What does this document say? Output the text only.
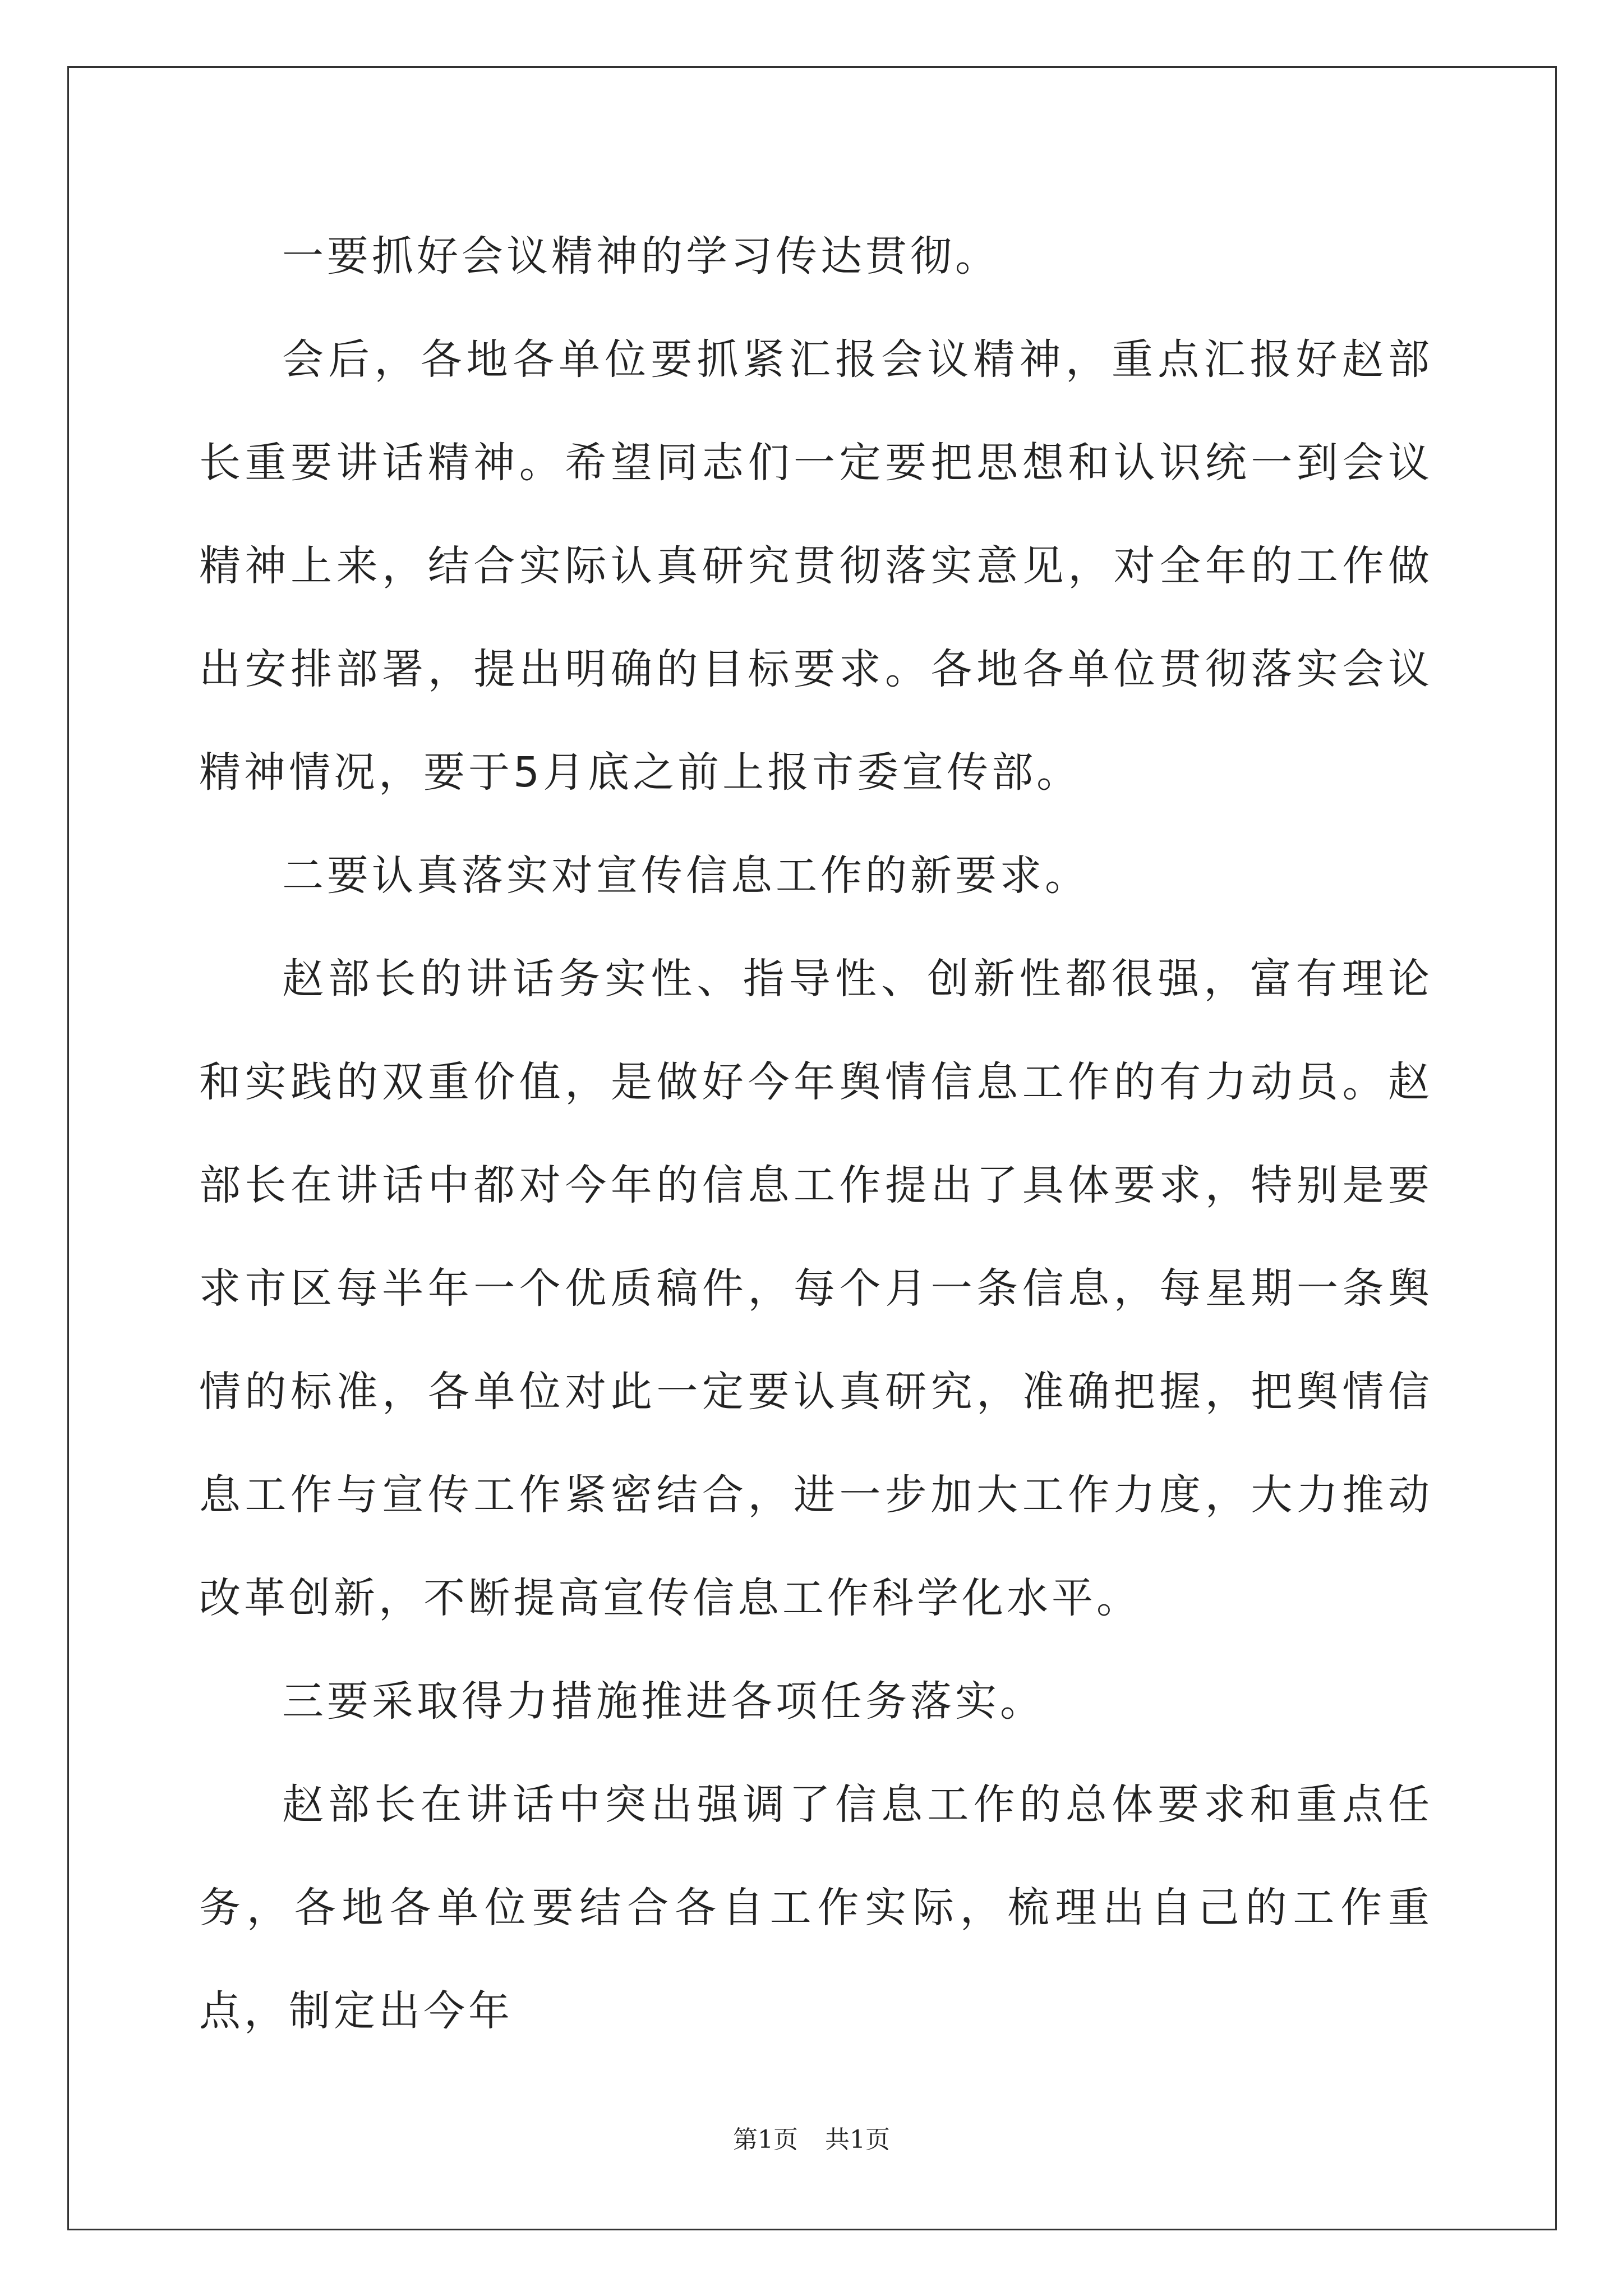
一要抓好会议精神的学习传达贯彻。

会后，各地各单位要抓紧汇报会议精神，重点汇报好赵部长重要讲话精神。希望同志们一定要把思想和认识统一到会议精神上来，结合实际认真研究贯彻落实意见，对全年的工作做出安排部署，提出明确的目标要求。各地各单位贯彻落实会议精神情况，要于5月底之前上报市委宣传部。

二要认真落实对宣传信息工作的新要求。

赵部长的讲话务实性、指导性、创新性都很强，富有理论和实践的双重价值，是做好今年舆情信息工作的有力动员。赵部长在讲话中都对今年的信息工作提出了具体要求，特别是要求市区每半年一个优质稿件，每个月一条信息，每星期一条舆情的标准，各单位对此一定要认真研究，准确把握，把舆情信息工作与宣传工作紧密结合，进一步加大工作力度，大力推动改革创新，不断提高宣传信息工作科学化水平。

三要采取得力措施推进各项任务落实。

赵部长在讲话中突出强调了信息工作的总体要求和重点任务，各地各单位要结合各自工作实际，梳理出自己的工作重点，制定出今年

第1页 共1页
